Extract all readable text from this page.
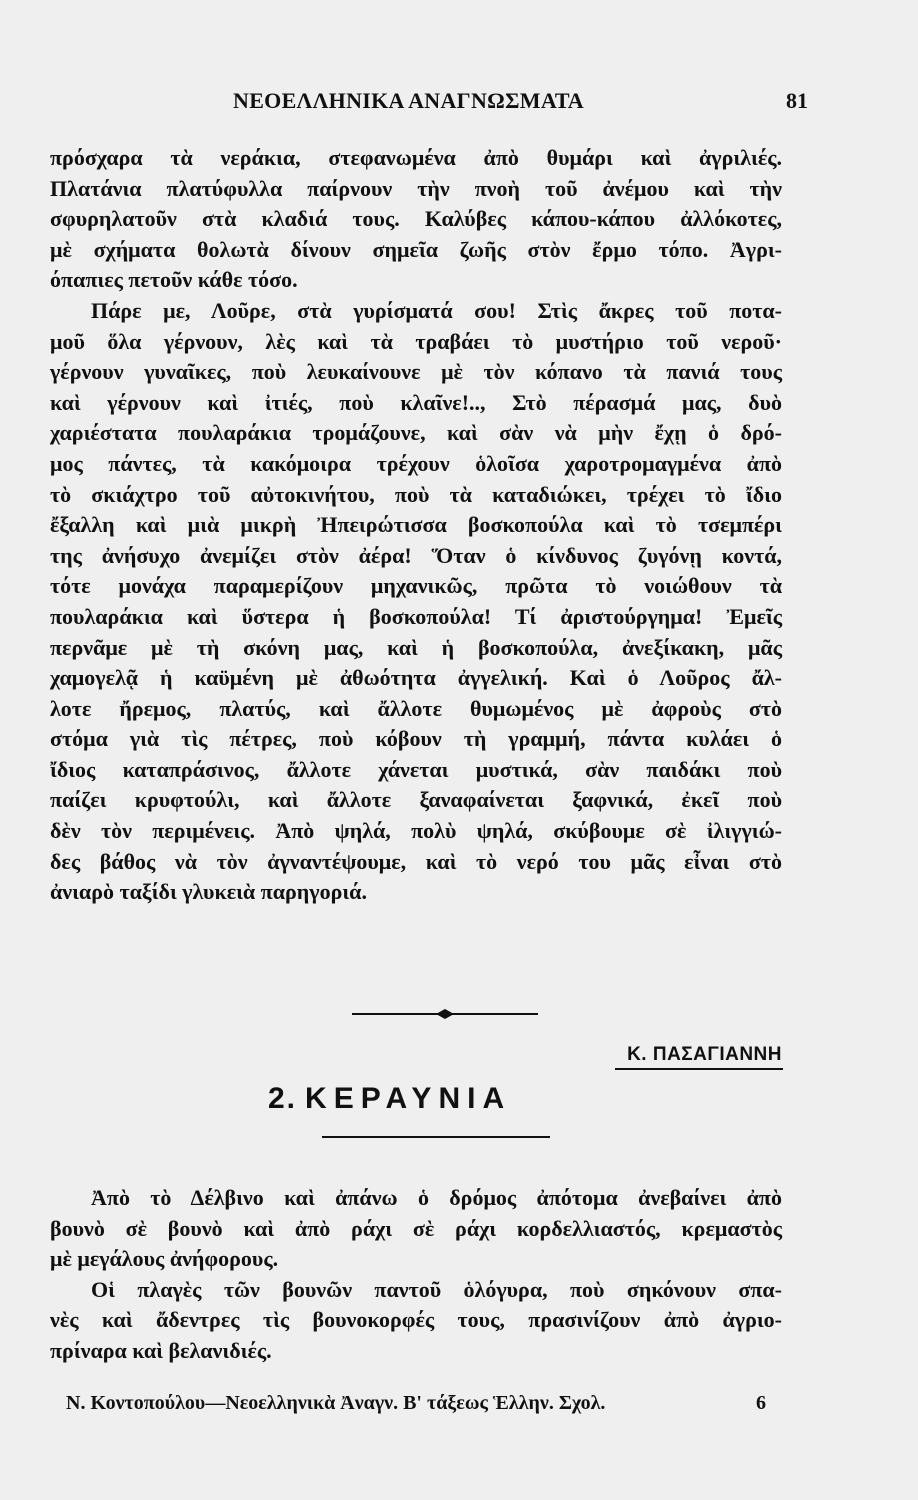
ΝΕΟΕΛΛΗΝΙΚΑ ΑΝΑΓΝΩΣΜΑΤΑ	81
πρόσχαρα τὰ νεράκια, στεφανωμένα ἀπὸ θυμάρι καὶ ἀγριλιές.
Πλατάνια πλατύφυλλα παίρνουν τὴν πνοὴ τοῦ ἀνέμου καὶ τὴν
σφυρηλατοῦν στὰ κλαδιά τους. Καλύβες κάπου-κάπου ἀλλόκοτες,
μὲ σχήματα θολωτὰ δίνουν σημεῖα ζωῆς στὸν ἔρμο τόπο. Ἀγρι-
όπαπιες πετοῦν κάθε τόσο.
Πάρε με, Λοῦρε, στὰ γυρίσματά σου! Στὶς ἄκρες τοῦ ποτα-
μοῦ ὅλα γέρνουν, λὲς καὶ τὰ τραβάει τὸ μυστήριο τοῦ νεροῦ·
γέρνουν γυναῖκες, ποὺ λευκαίνουνε μὲ τὸν κόπανο τὰ πανιά τους
καὶ γέρνουν καὶ ἰτιές, ποὺ κλαῖνε!.., Στὸ πέρασμά μας, δυὸ
χαριέστατα πουλαράκια τρομάζουνε, καὶ σὰν νὰ μὴν ἔχῃ ὁ δρό-
μος πάντες, τὰ κακόμοιρα τρέχουν ὁλοῖσα χαροτρομαγμένα ἀπὸ
τὸ σκιάχτρο τοῦ αὐτοκινήτου, ποὺ τὰ καταδιώκει, τρέχει τὸ ἴδιο
ἔξαλλη καὶ μιὰ μικρὴ Ἠπειρώτισσα βοσκοπούλα καὶ τὸ τσεμπέρι
της ἀνήσυχο ἀνεμίζει στὸν ἀέρα! Ὅταν ὁ κίνδυνος ζυγόνῃ κοντά,
τότε μονάχα παραμερίζουν μηχανικῶς, πρῶτα τὸ νοιώθουν τὰ
πουλαράκια καὶ ὕστερα ἡ βοσκοπούλα! Τί ἀριστούργημα! Ἐμεῖς
περνᾶμε μὲ τὴ σκόνη μας, καὶ ἡ βοσκοπούλα, ἀνεξίκακη, μᾶς
χαμογελᾷ ἡ καϋμένη μὲ ἀθωότητα ἀγγελική. Καὶ ὁ Λοῦρος ἄλ-
λοτε ἤρεμος, πλατύς, καὶ ἄλλοτε θυμωμένος μὲ ἀφροὺς στὸ
στόμα γιὰ τὶς πέτρες, ποὺ κόβουν τὴ γραμμή, πάντα κυλάει ὁ
ἴδιος καταπράσινος, ἄλλοτε χάνεται μυστικά, σὰν παιδάκι ποὺ
παίζει κρυφτούλι, καὶ ἄλλοτε ξαναφαίνεται ξαφνικά, ἐκεῖ ποὺ
δὲν τὸν περιμένεις. Ἀπὸ ψηλά, πολὺ ψηλά, σκύβουμε σὲ ἰλιγγιώ-
δες βάθος νὰ τὸν ἀγναντέψουμε, καὶ τὸ νερό του μᾶς εἶναι στὸ
ἀνιαρὸ ταξίδι γλυκειὰ παρηγοριά.
Κ. ΠΑΣΑΓΙΑΝΝΗ
2. ΚΕΡΑΥΝΙΑ
Ἀπὸ τὸ Δέλβινο καὶ ἀπάνω ὁ δρόμος ἀπότομα ἀνεβαίνει ἀπὸ
βουνὸ σὲ βουνὸ καὶ ἀπὸ ράχι σὲ ράχι κορδελλιαστός, κρεμαστὸς
μὲ μεγάλους ἀνήφορους.
Οἱ πλαγὲς τῶν βουνῶν παντοῦ ὁλόγυρα, ποὺ σηκόνουν σπα-
νὲς καὶ ἄδεντρες τὶς βουνοκορφές τους, πρασινίζουν ἀπὸ ἀγριο-
πρίναρα καὶ βελανιδιές.
Ν. Κοντοπούλου—Νεοελληνικὰ Ἀναγν. Β' τάξεως Ἑλλην. Σχολ.	6
